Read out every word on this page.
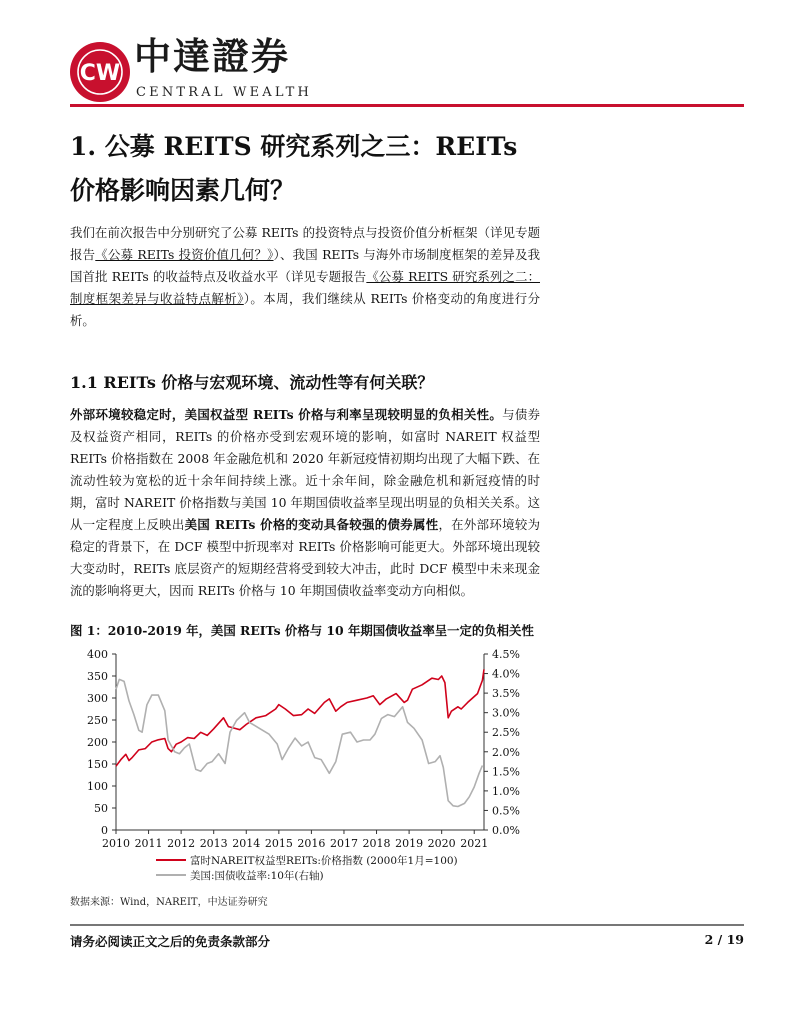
CW 中達證券
CENTRAL WEALTH
1. 公募 REITS 研究系列之三：REITs 价格影响因素几何？

我们在前次报告中分别研究了公募 REITs 的投资特点与投资价值分析框架（详见专题报告《公募 REITs 投资价值几何？》）、我国 REITs 与海外市场制度框架的差异及我国首批 REITs 的收益特点及收益水平（详见专题报告《公募 REITS 研究系列之二：制度框架差异与收益特点解析》）。本周，我们继续从 REITs 价格变动的角度进行分析。

1.1 REITs 价格与宏观环境、流动性等有何关联？

外部环境较稳定时，美国权益型 REITs 价格与利率呈现较明显的负相关性。与债券及权益资产相同，REITs 的价格亦受到宏观环境的影响，如富时 NAREIT 权益型 REITs 价格指数在 2008 年金融危机和 2020 年新冠疫情初期均出现了大幅下跌、在流动性较为宽松的近十余年间持续上涨。近十余年间，除金融危机和新冠疫情的时期，富时 NAREIT 价格指数与美国 10 年期国债收益率呈现出明显的负相关关系。这从一定程度上反映出美国 REITs 价格的变动具备较强的债券属性，在外部环境较为稳定的背景下，在 DCF 模型中折现率对 REITs 价格影响可能更大。外部环境出现较大变动时，REITs 底层资产的短期经营将受到较大冲击，此时 DCF 模型中未来现金流的影响将更大，因而 REITs 价格与 10 年期国债收益率变动方向相似。

图 1：2010-2019 年，美国 REITs 价格与 10 年期国债收益率呈一定的负相关性

0
50
100
150
200
250
300
350
400
0.0%
0.5%
1.0%
1.5%
2.0%
2.5%
3.0%
3.5%
4.0%
4.5%
2010 2011 2012 2013 2014 2015 2016 2017 2018 2019 2020 2021
富时NAREIT权益型REITs:价格指数 (2000年1月=100)
美国:国债收益率:10年(右轴)

数据来源：Wind，NAREIT，中达证券研究

请务必阅读正文之后的免责条款部分	2 / 19
